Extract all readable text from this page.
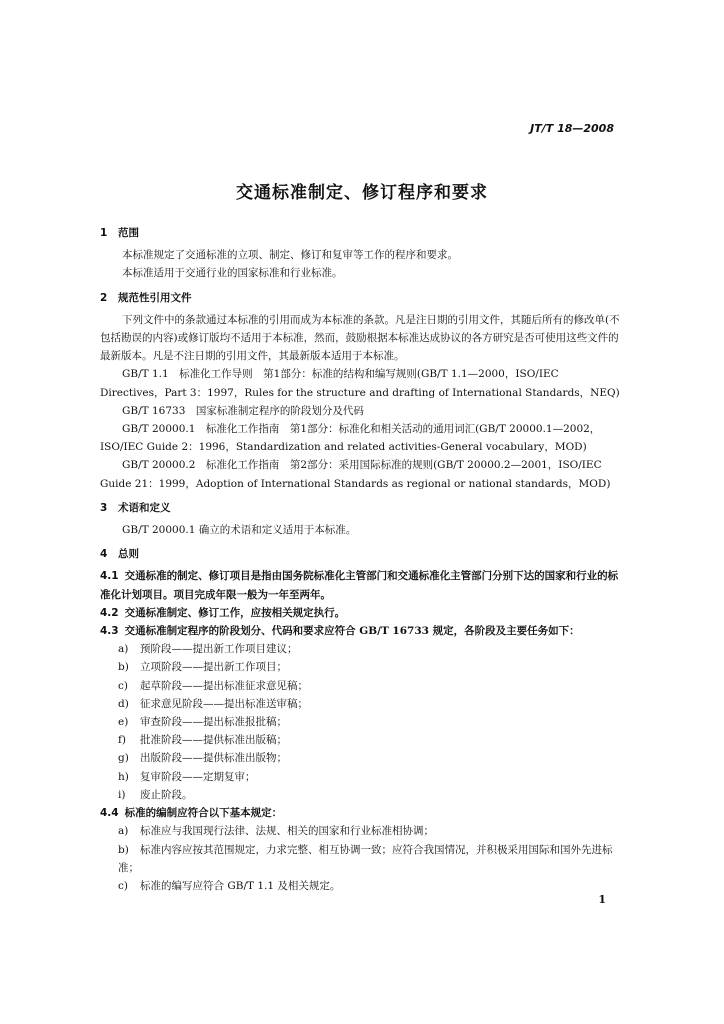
JT/T 18—2008
交通标准制定、修订程序和要求
1 范围

本标准规定了交通标准的立项、制定、修订和复审等工作的程序和要求。

本标准适用于交通行业的国家标准和行业标准。

2 规范性引用文件

下列文件中的条款通过本标准的引用而成为本标准的条款。凡是注日期的引用文件，其随后所有的修改单(不包括勘误的内容)或修订版均不适用于本标准，然而，鼓励根据本标准达成协议的各方研究是否可使用这些文件的最新版本。凡是不注日期的引用文件，其最新版本适用于本标准。

GB/T 1.1　标准化工作导则　第1部分：标准的结构和编写规则(GB/T 1.1—2000，ISO/IEC Directives，Part 3：1997，Rules for the structure and drafting of International Standards，NEQ)

GB/T 16733　国家标准制定程序的阶段划分及代码

GB/T 20000.1　标准化工作指南　第1部分：标准化和相关活动的通用词汇(GB/T 20000.1—2002，ISO/IEC Guide 2：1996，Standardization and related activities-General vocabulary，MOD)

GB/T 20000.2　标准化工作指南　第2部分：采用国际标准的规则(GB/T 20000.2—2001，ISO/IEC Guide 21：1999，Adoption of International Standards as regional or national standards，MOD)

3 术语和定义

GB/T 20000.1 确立的术语和定义适用于本标准。

4 总则

4.1 交通标准的制定、修订项目是指由国务院标准化主管部门和交通标准化主管部门分别下达的国家和行业的标准化计划项目。项目完成年限一般为一年至两年。

4.2 交通标准制定、修订工作，应按相关规定执行。

4.3 交通标准制定程序的阶段划分、代码和要求应符合 GB/T 16733 规定，各阶段及主要任务如下：

a) 预阶段——提出新工作项目建议；

b) 立项阶段——提出新工作项目；

c) 起草阶段——提出标准征求意见稿；

d) 征求意见阶段——提出标准送审稿；

e) 审查阶段——提出标准报批稿；

f) 批准阶段——提供标准出版稿；

g) 出版阶段——提供标准出版物；

h) 复审阶段——定期复审；

i) 废止阶段。

4.4 标准的编制应符合以下基本规定：

a) 标准应与我国现行法律、法规、相关的国家和行业标准相协调；

b) 标准内容应按其范围规定，力求完整、相互协调一致；应符合我国情况，并积极采用国际和国外先进标准；

c) 标准的编写应符合 GB/T 1.1 及相关规定。

1
